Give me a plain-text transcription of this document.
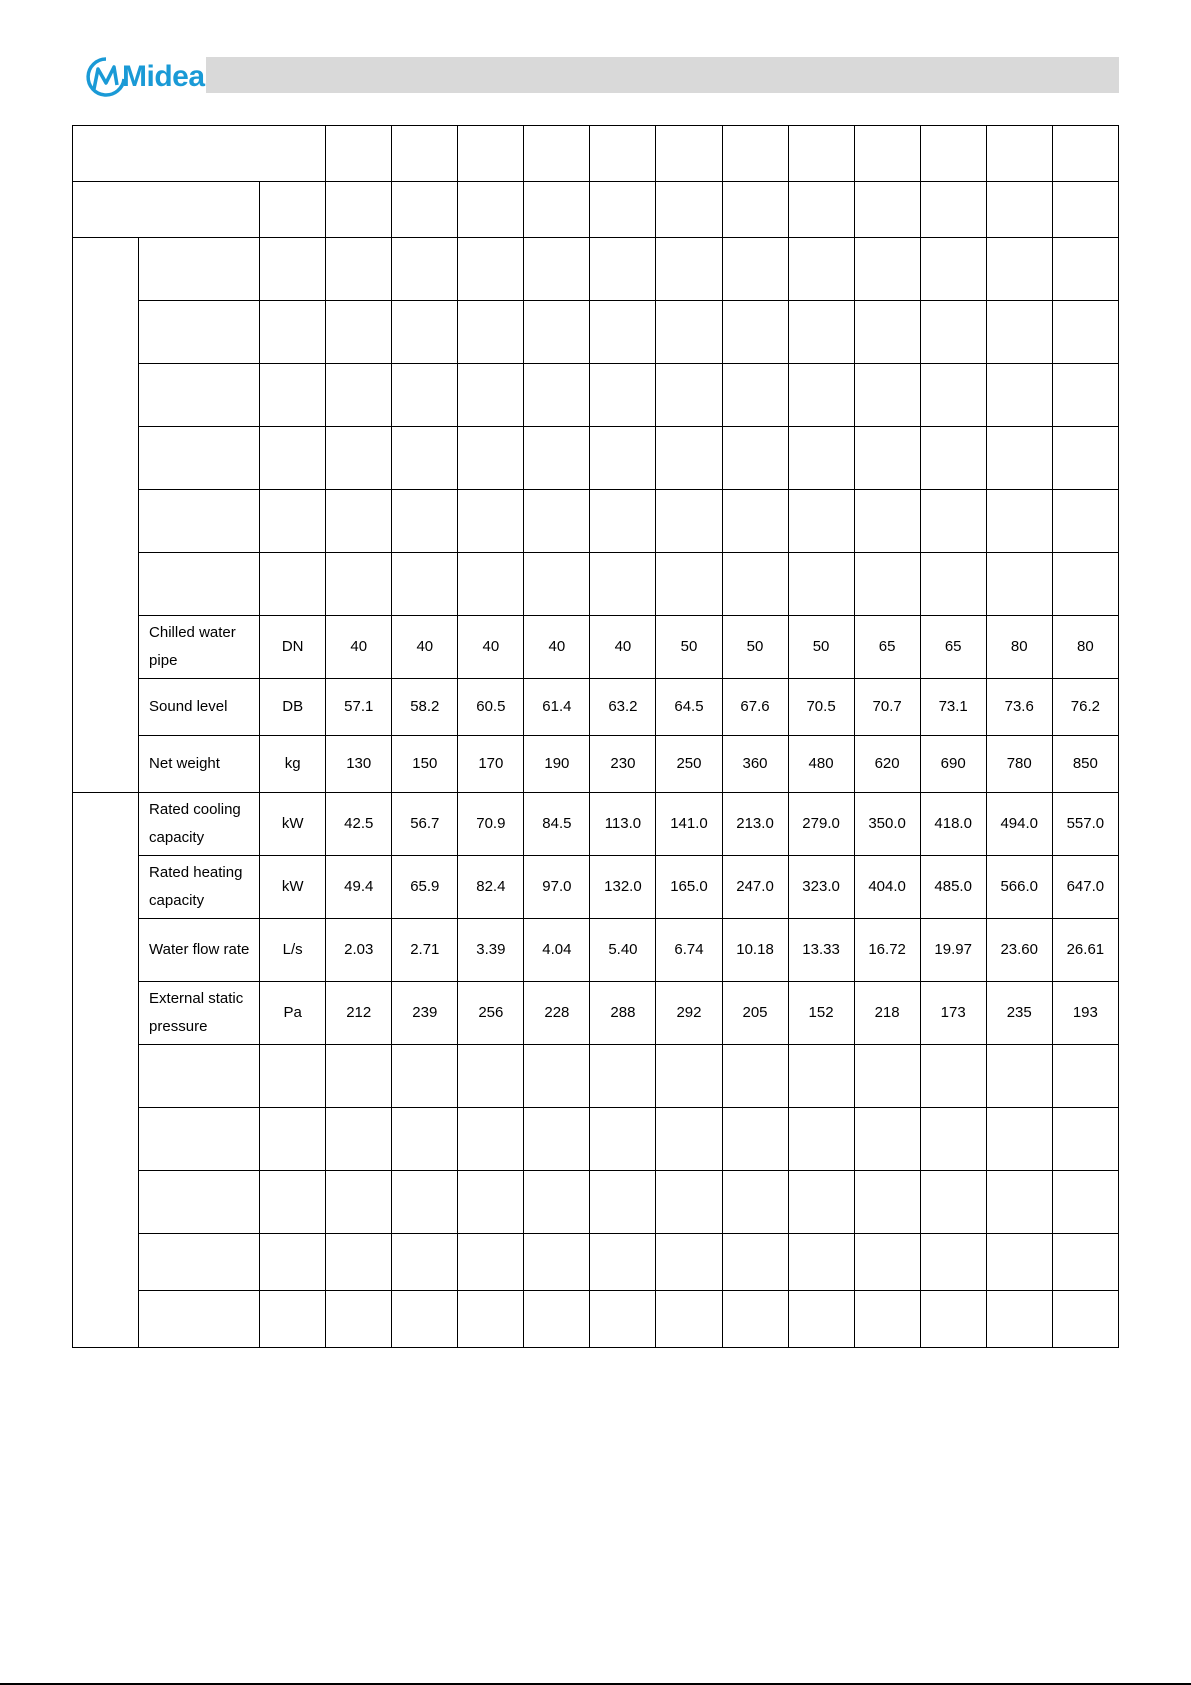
Midea

	Chilled water pipe	DN	40	40	40	40	40	50	50	50	65	65	80	80
	Sound level	DB	57.1	58.2	60.5	61.4	63.2	64.5	67.6	70.5	70.7	73.1	73.6	76.2
	Net weight	kg	130	150	170	190	230	250	360	480	620	690	780	850
	Rated cooling capacity	kW	42.5	56.7	70.9	84.5	113.0	141.0	213.0	279.0	350.0	418.0	494.0	557.0
	Rated heating capacity	kW	49.4	65.9	82.4	97.0	132.0	165.0	247.0	323.0	404.0	485.0	566.0	647.0
	Water flow rate	L/s	2.03	2.71	3.39	4.04	5.40	6.74	10.18	13.33	16.72	19.97	23.60	26.61
	External static pressure	Pa	212	239	256	228	288	292	205	152	218	173	235	193
